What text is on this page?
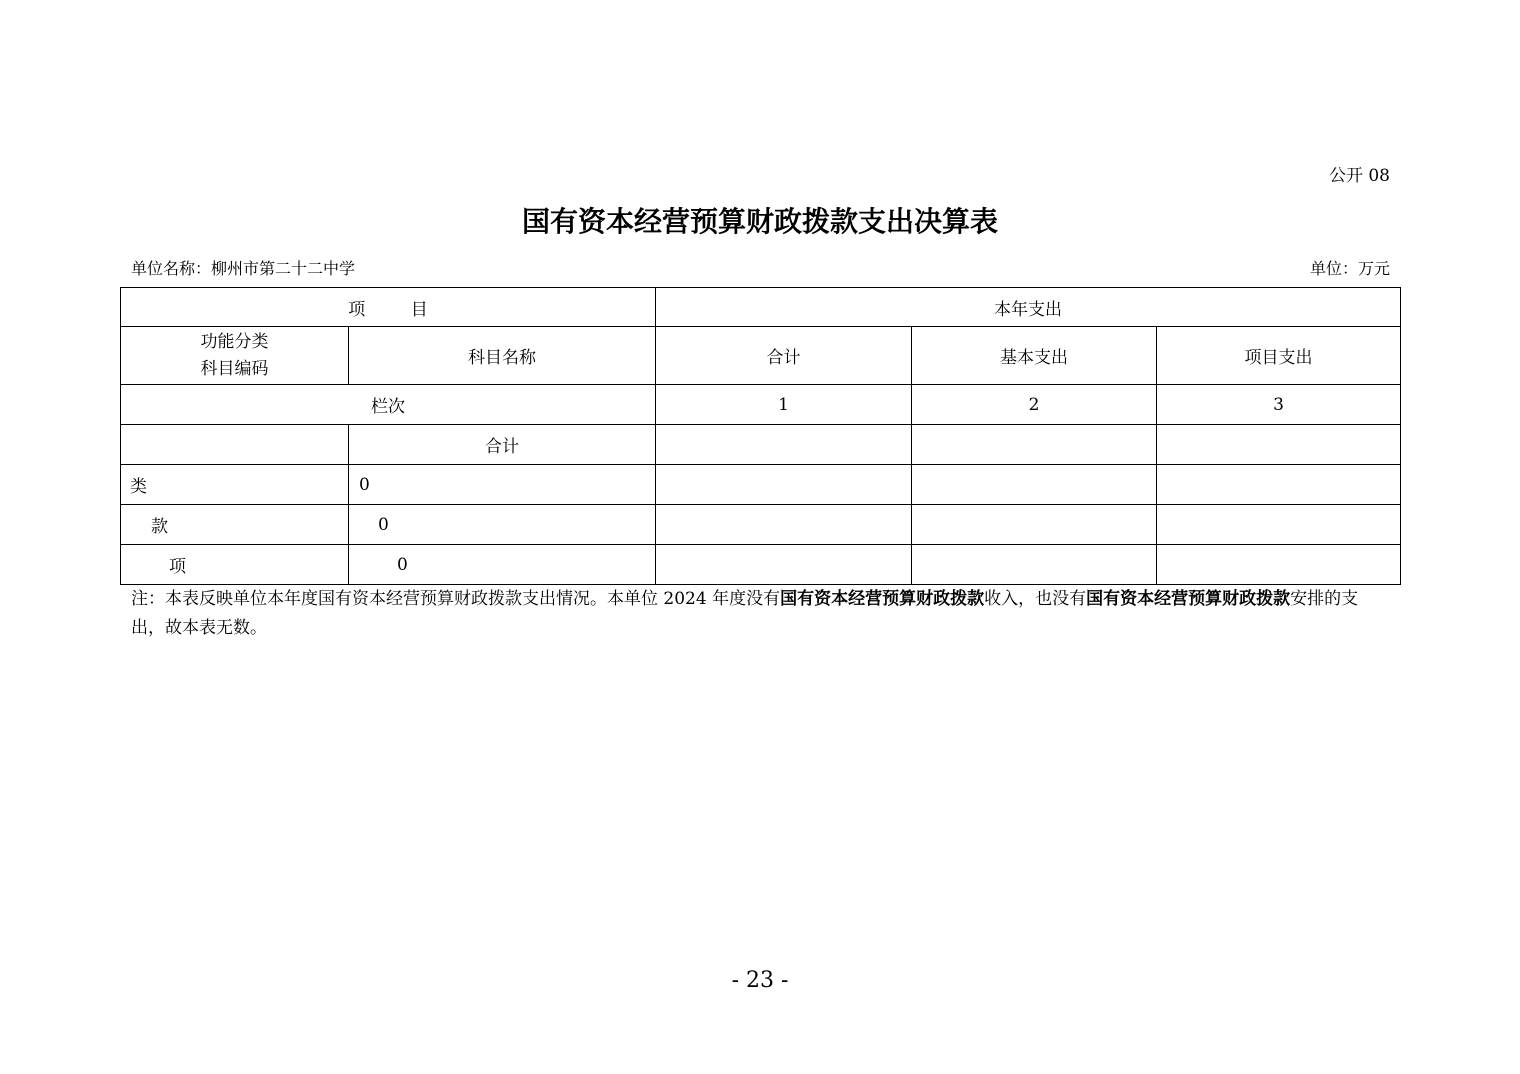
公开 08
国有资本经营预算财政拨款支出决算表
单位名称：柳州市第二十二中学	单位：万元
项 目		本年支出		

功能分类
科目编码	科目名称	合计	基本支出	项目支出
栏次		1	2	3
	合计			
类	0			
款	0			
项	0			
注：本表反映单位本年度国有资本经营预算财政拨款支出情况。本单位 2024 年度没有国有资本经营预算财政拨款收入，也没有国有资本经营预算财政拨款安排的支出，故本表无数。
- 23 -
